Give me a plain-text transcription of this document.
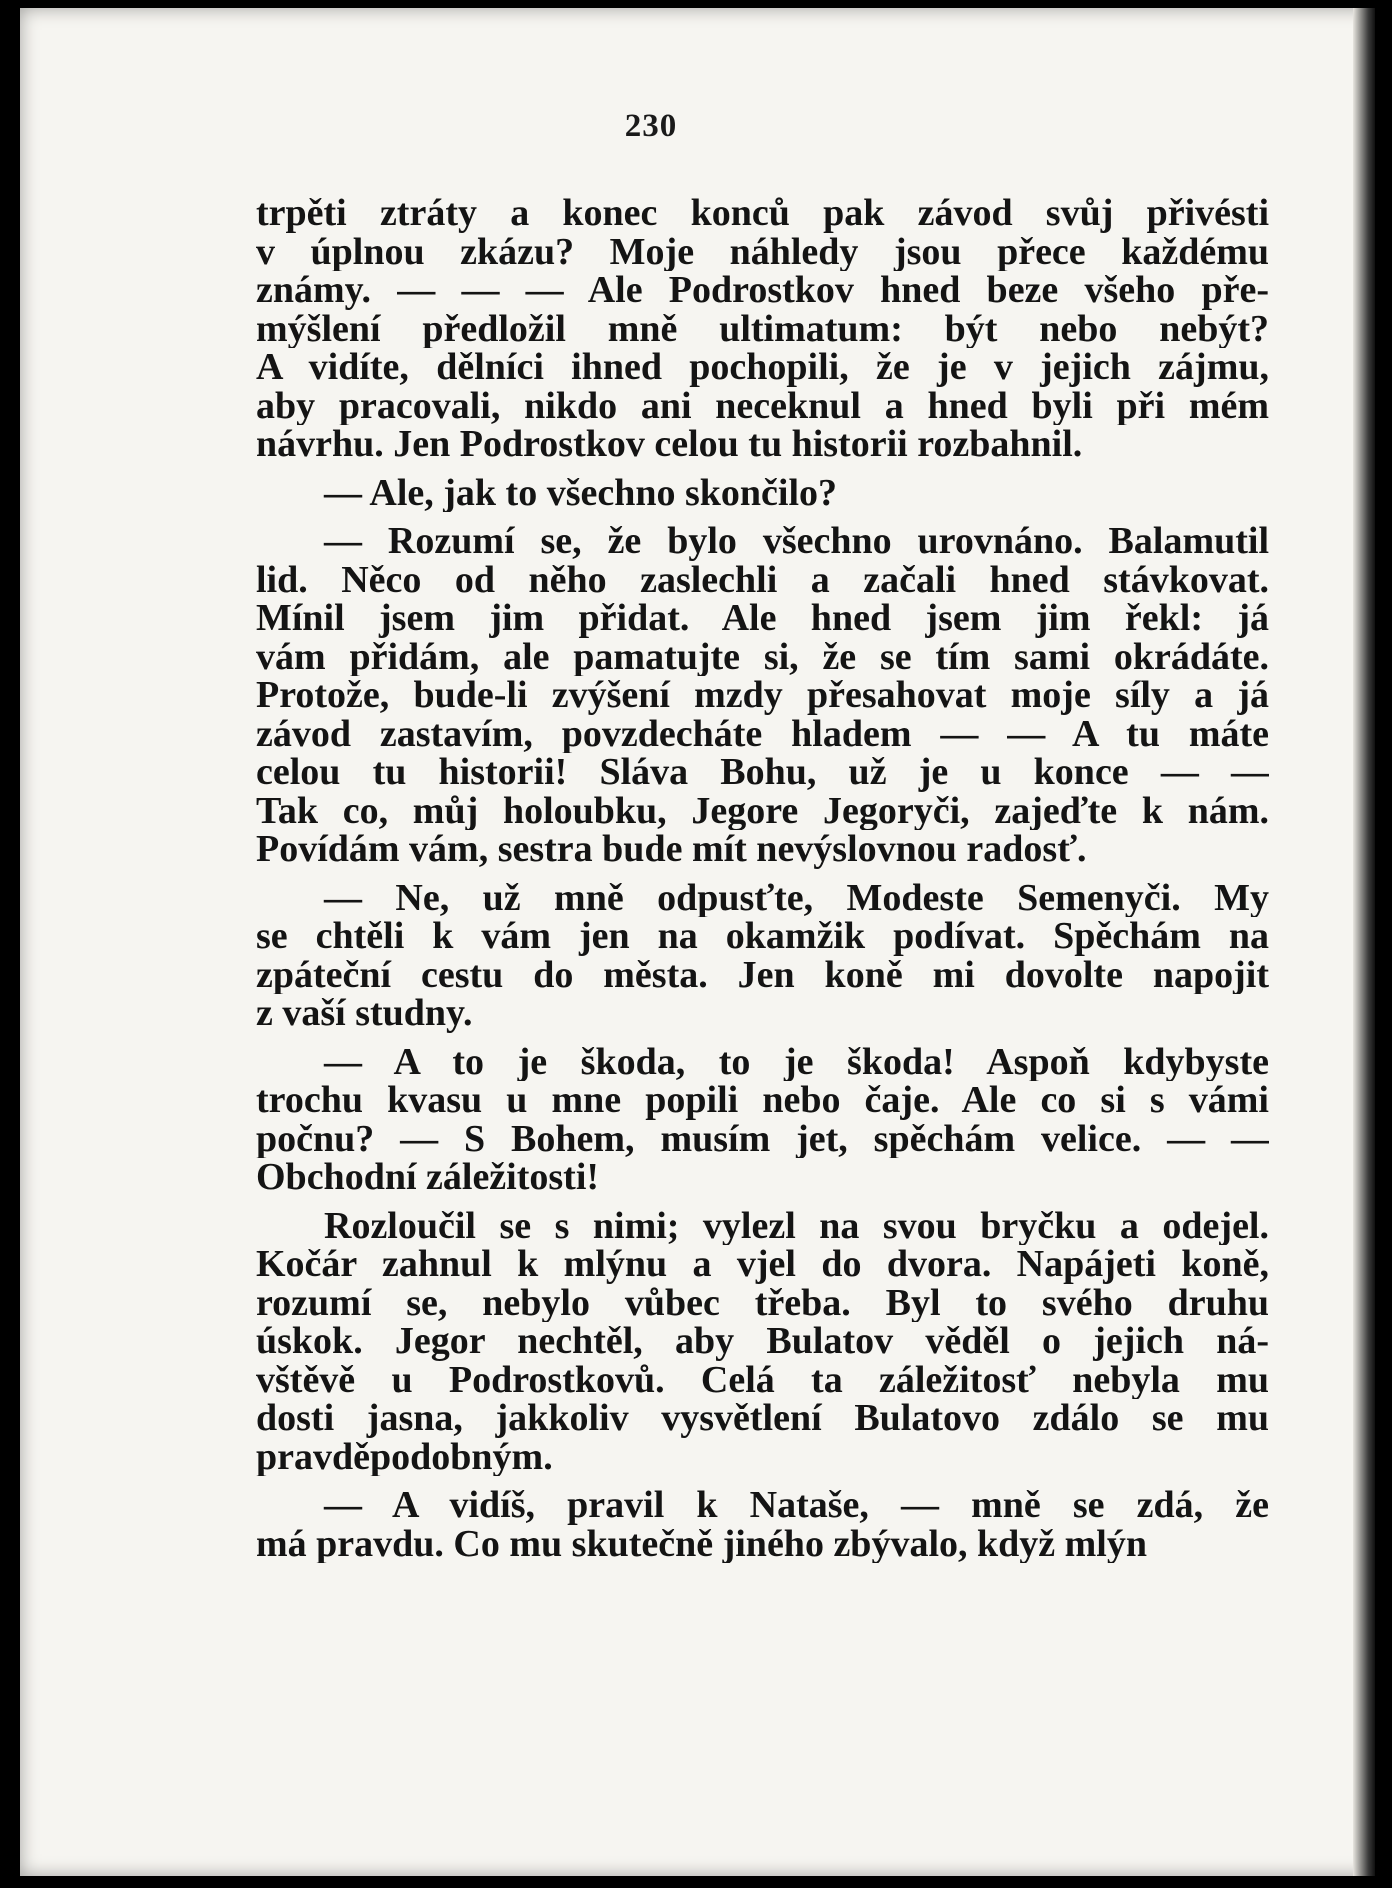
230
trpěti ztráty a konec konců pak závod svůj přivésti
v úplnou zkázu? Moje náhledy jsou přece každému
známy. — — — Ale Podrostkov hned beze všeho pře-
mýšlení předložil mně ultimatum: být nebo nebýt?
A vidíte, dělníci ihned pochopili, že je v jejich zájmu,
aby pracovali, nikdo ani neceknul a hned byli při mém
návrhu. Jen Podrostkov celou tu historii rozbahnil.
— Ale, jak to všechno skončilo?
— Rozumí se, že bylo všechno urovnáno. Balamutil
lid. Něco od něho zaslechli a začali hned stávkovat.
Mínil jsem jim přidat. Ale hned jsem jim řekl: já
vám přidám, ale pamatujte si, že se tím sami okrádáte.
Protože, bude-li zvýšení mzdy přesahovat moje síly a já
závod zastavím, povzdecháte hladem — — A tu máte
celou tu historii! Sláva Bohu, už je u konce — —
Tak co, můj holoubku, Jegore Jegoryči, zajeďte k nám.
Povídám vám, sestra bude mít nevýslovnou radosť.
— Ne, už mně odpusťte, Modeste Semenyči. My
se chtěli k vám jen na okamžik podívat. Spěchám na
zpáteční cestu do města. Jen koně mi dovolte napojit
z vaší studny.
— A to je škoda, to je škoda! Aspoň kdybyste
trochu kvasu u mne popili nebo čaje. Ale co si s vámi
počnu? — S Bohem, musím jet, spěchám velice. — —
Obchodní záležitosti!
Rozloučil se s nimi; vylezl na svou bryčku a odejel.
Kočár zahnul k mlýnu a vjel do dvora. Napájeti koně,
rozumí se, nebylo vůbec třeba. Byl to svého druhu
úskok. Jegor nechtěl, aby Bulatov věděl o jejich ná-
vštěvě u Podrostkovů. Celá ta záležitosť nebyla mu
dosti jasna, jakkoliv vysvětlení Bulatovo zdálo se mu
pravděpodobným.
— A vidíš, pravil k Nataše, — mně se zdá, že
má pravdu. Co mu skutečně jiného zbývalo, když mlýn
